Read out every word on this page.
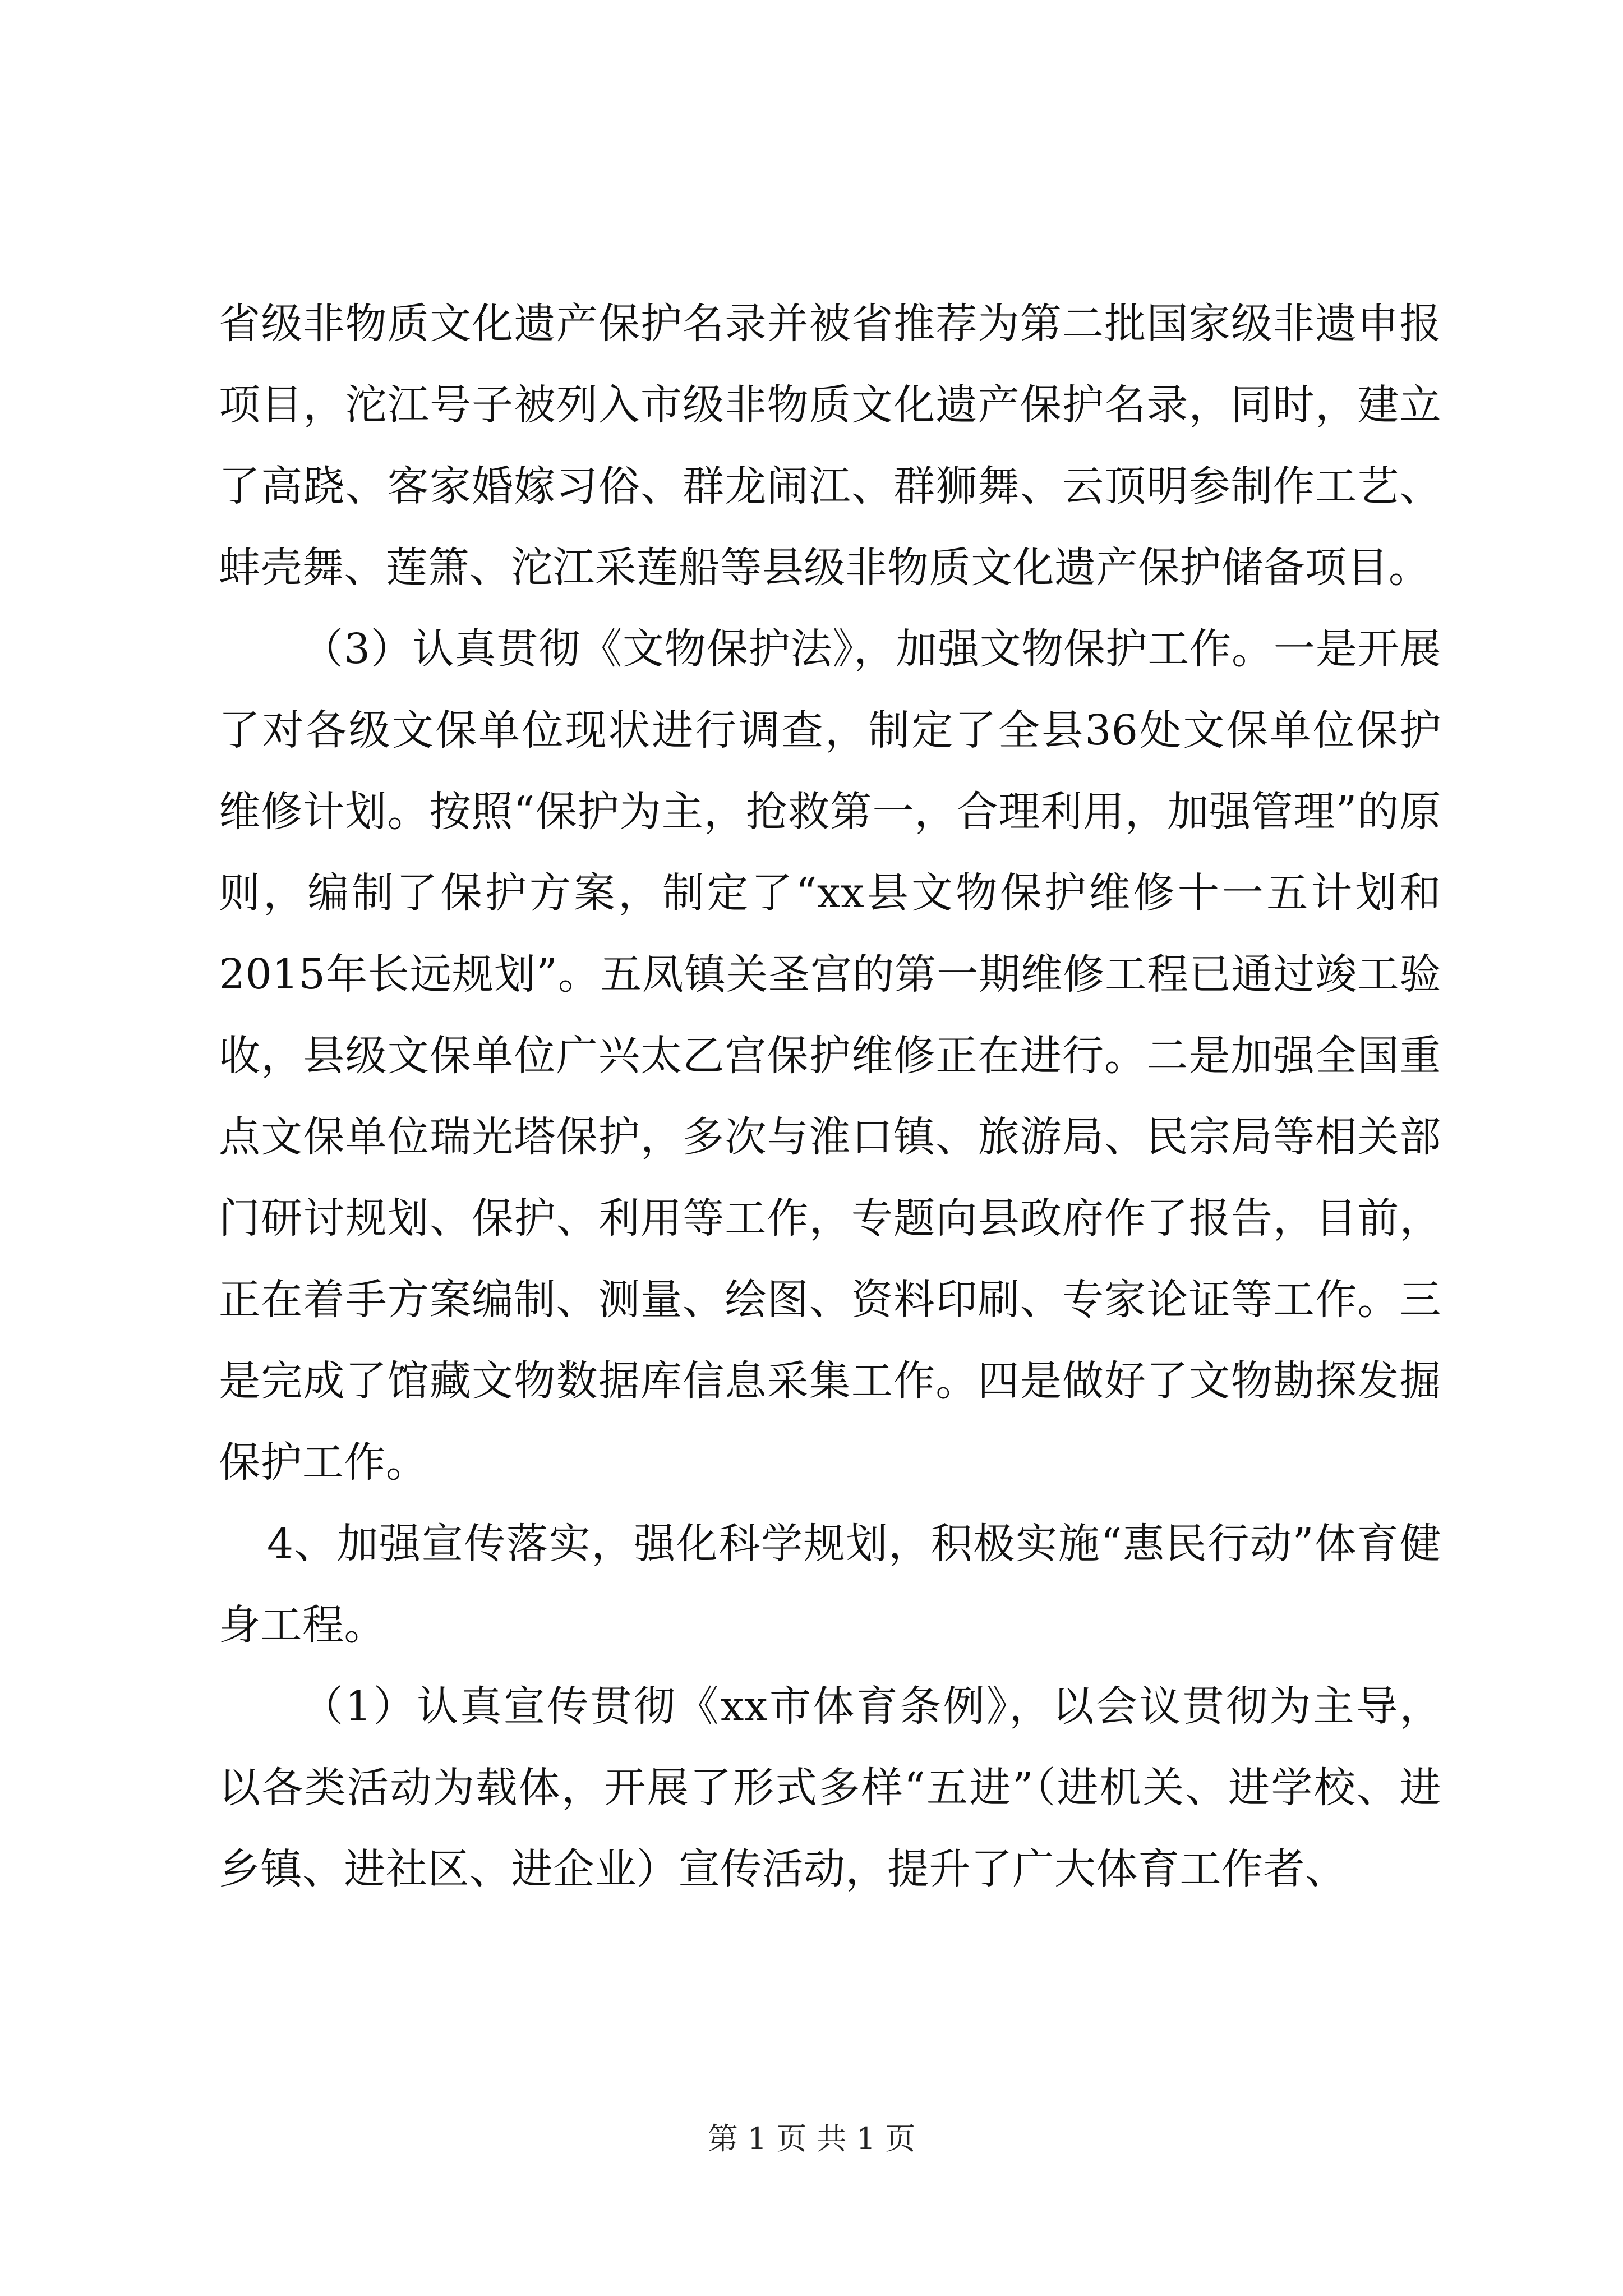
省级非物质文化遗产保护名录并被省推荐为第二批国家级非遗申报项目，沱江号子被列入市级非物质文化遗产保护名录，同时，建立了高跷、客家婚嫁习俗、群龙闹江、群狮舞、云顶明参制作工艺、蚌壳舞、莲箫、沱江采莲船等县级非物质文化遗产保护储备项目。

（3）认真贯彻《文物保护法》，加强文物保护工作。一是开展了对各级文保单位现状进行调查，制定了全县36处文保单位保护维修计划。按照“保护为主，抢救第一，合理利用，加强管理”的原则，编制了保护方案，制定了“xx县文物保护维修十一五计划和2015年长远规划”。五凤镇关圣宫的第一期维修工程已通过竣工验收，县级文保单位广兴太乙宫保护维修正在进行。二是加强全国重点文保单位瑞光塔保护，多次与淮口镇、旅游局、民宗局等相关部门研讨规划、保护、利用等工作，专题向县政府作了报告，目前，正在着手方案编制、测量、绘图、资料印刷、专家论证等工作。三是完成了馆藏文物数据库信息采集工作。四是做好了文物勘探发掘保护工作。

4、加强宣传落实，强化科学规划，积极实施“惠民行动”体育健身工程。

（1）认真宣传贯彻《xx市体育条例》，以会议贯彻为主导，以各类活动为载体，开展了形式多样“五进”（进机关、进学校、进乡镇、进社区、进企业）宣传活动，提升了广大体育工作者、

第 1 页 共 1 页
